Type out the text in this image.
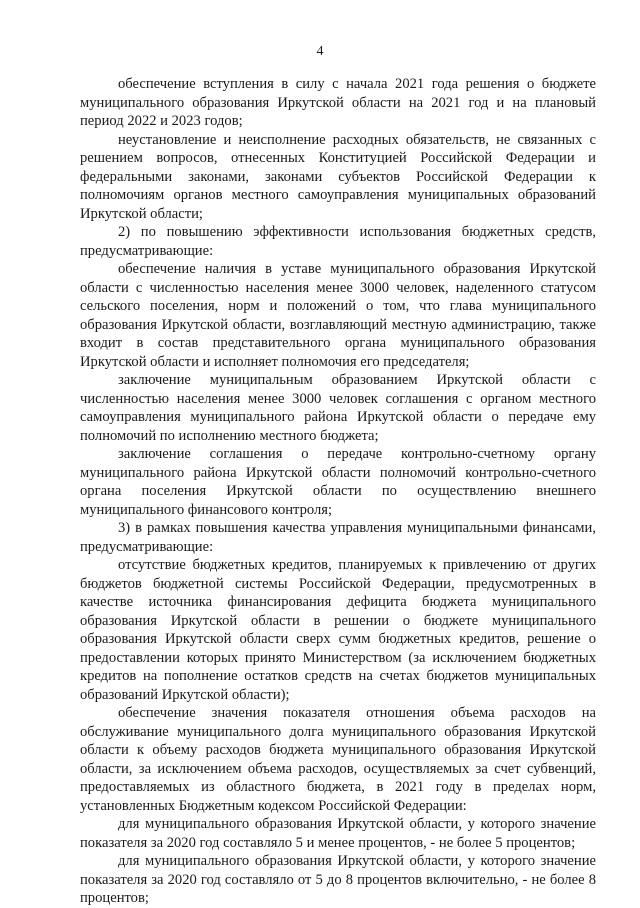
4

обеспечение вступления в силу с начала 2021 года решения о бюджете муниципального образования Иркутской области на 2021 год и на плановый период 2022 и 2023 годов;

неустановление и неисполнение расходных обязательств, не связанных с решением вопросов, отнесенных Конституцией Российской Федерации и федеральными законами, законами субъектов Российской Федерации к полномочиям органов местного самоуправления муниципальных образований Иркутской области;

2) по повышению эффективности использования бюджетных средств, предусматривающие:

обеспечение наличия в уставе муниципального образования Иркутской области с численностью населения менее 3000 человек, наделенного статусом сельского поселения, норм и положений о том, что глава муниципального образования Иркутской области, возглавляющий местную администрацию, также входит в состав представительного органа муниципального образования Иркутской области и исполняет полномочия его председателя;

заключение муниципальным образованием Иркутской области с численностью населения менее 3000 человек соглашения с органом местного самоуправления муниципального района Иркутской области о передаче ему полномочий по исполнению местного бюджета;

заключение соглашения о передаче контрольно-счетному органу муниципального района Иркутской области полномочий контрольно-счетного органа поселения Иркутской области по осуществлению внешнего муниципального финансового контроля;

3) в рамках повышения качества управления муниципальными финансами, предусматривающие:

отсутствие бюджетных кредитов, планируемых к привлечению от других бюджетов бюджетной системы Российской Федерации, предусмотренных в качестве источника финансирования дефицита бюджета муниципального образования Иркутской области в решении о бюджете муниципального образования Иркутской области сверх сумм бюджетных кредитов, решение о предоставлении которых принято Министерством (за исключением бюджетных кредитов на пополнение остатков средств на счетах бюджетов муниципальных образований Иркутской области);

обеспечение значения показателя отношения объема расходов на обслуживание муниципального долга муниципального образования Иркутской области к объему расходов бюджета муниципального образования Иркутской области, за исключением объема расходов, осуществляемых за счет субвенций, предоставляемых из областного бюджета, в 2021 году в пределах норм, установленных Бюджетным кодексом Российской Федерации:

для муниципального образования Иркутской области, у которого значение показателя за 2020 год составляло 5 и менее процентов, - не более 5 процентов;

для муниципального образования Иркутской области, у которого значение показателя за 2020 год составляло от 5 до 8 процентов включительно, - не более 8 процентов;
